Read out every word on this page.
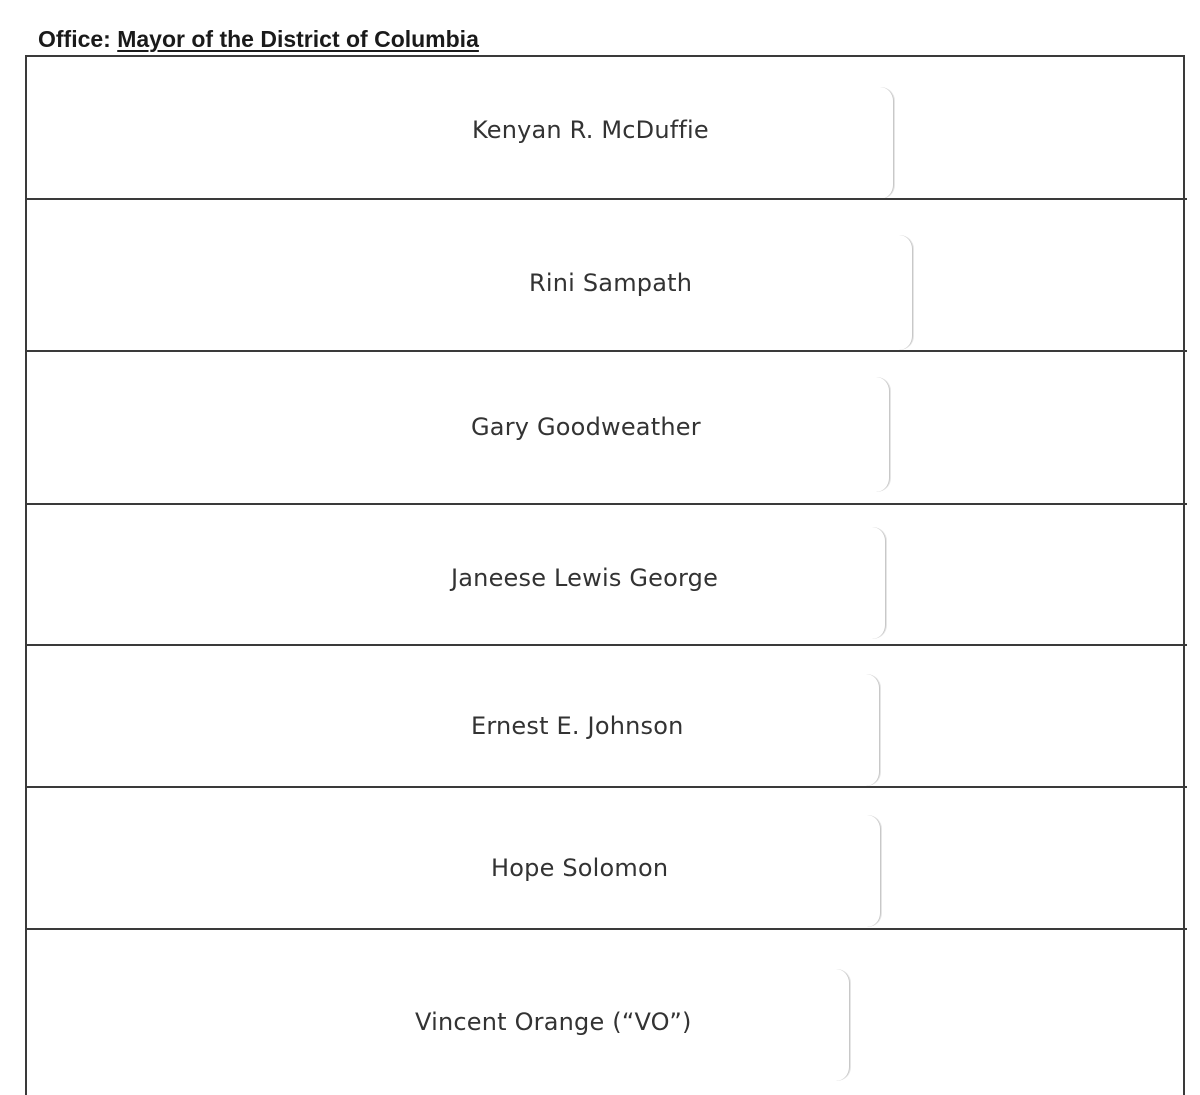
Office: Mayor of the District of Columbia
Kenyan R. McDuffie
Rini Sampath
Gary Goodweather
Janeese Lewis George
Ernest E. Johnson
Hope Solomon
Vincent Orange (“VO”)
